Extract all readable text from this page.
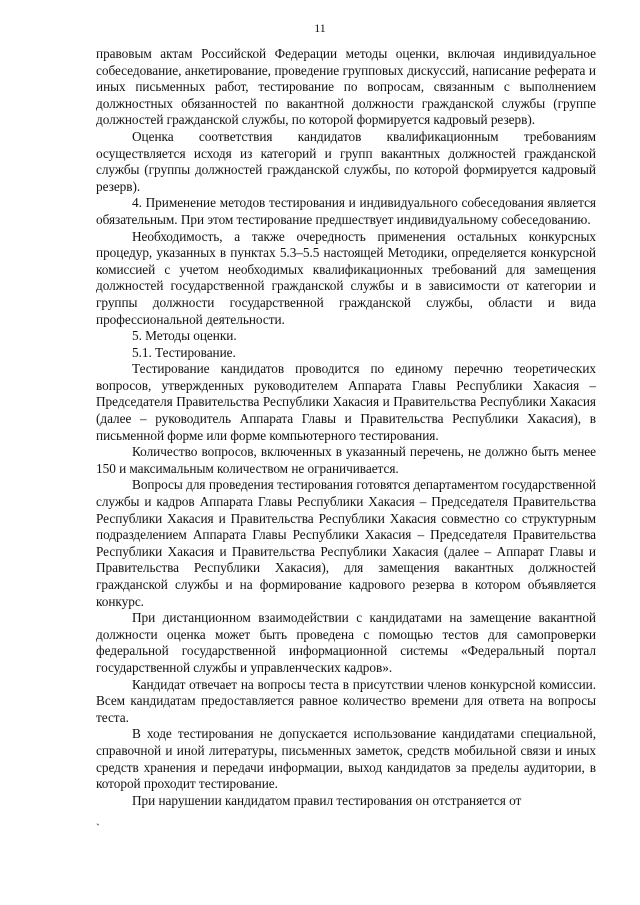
11

правовым актам Российской Федерации методы оценки, включая индивидуальное собеседование, анкетирование, проведение групповых дискуссий, написание реферата и иных письменных работ, тестирование по вопросам, связанным с выполнением должностных обязанностей по вакантной должности гражданской службы (группе должностей гражданской службы, по которой формируется кадровый резерв).

Оценка соответствия кандидатов квалификационным требованиям осуществляется исходя из категорий и групп вакантных должностей гражданской службы (группы должностей гражданской службы, по которой формируется кадровый резерв).

4. Применение методов тестирования и индивидуального собеседования является обязательным. При этом тестирование предшествует индивидуальному собеседованию.

Необходимость, а также очередность применения остальных конкурсных процедур, указанных в пунктах 5.3–5.5 настоящей Методики, определяется конкурсной комиссией с учетом необходимых квалификационных требований для замещения должностей государственной гражданской службы и в зависимости от категории и группы должности государственной гражданской службы, области и вида профессиональной деятельности.

5. Методы оценки.

5.1. Тестирование.

Тестирование кандидатов проводится по единому перечню теоретических вопросов, утвержденных руководителем Аппарата Главы Республики Хакасия – Председателя Правительства Республики Хакасия и Правительства Республики Хакасия (далее – руководитель Аппарата Главы и Правительства Республики Хакасия), в письменной форме или форме компьютерного тестирования.

Количество вопросов, включенных в указанный перечень, не должно быть менее 150 и максимальным количеством не ограничивается.

Вопросы для проведения тестирования готовятся департаментом государственной службы и кадров Аппарата Главы Республики Хакасия – Председателя Правительства Республики Хакасия и Правительства Республики Хакасия совместно со структурным подразделением Аппарата Главы Республики Хакасия – Председателя Правительства Республики Хакасия и Правительства Республики Хакасия (далее – Аппарат Главы и Правительства Республики Хакасия), для замещения вакантных должностей гражданской службы и на формирование кадрового резерва в котором объявляется конкурс.

При дистанционном взаимодействии с кандидатами на замещение вакантной должности оценка может быть проведена с помощью тестов для самопроверки федеральной государственной информационной системы «Федеральный портал государственной службы и управленческих кадров».

Кандидат отвечает на вопросы теста в присутствии членов конкурсной комиссии. Всем кандидатам предоставляется равное количество времени для ответа на вопросы теста.

В ходе тестирования не допускается использование кандидатами специальной, справочной и иной литературы, письменных заметок, средств мобильной связи и иных средств хранения и передачи информации, выход кандидатов за пределы аудитории, в которой проходит тестирование.

При нарушении кандидатом правил тестирования он отстраняется от

`
